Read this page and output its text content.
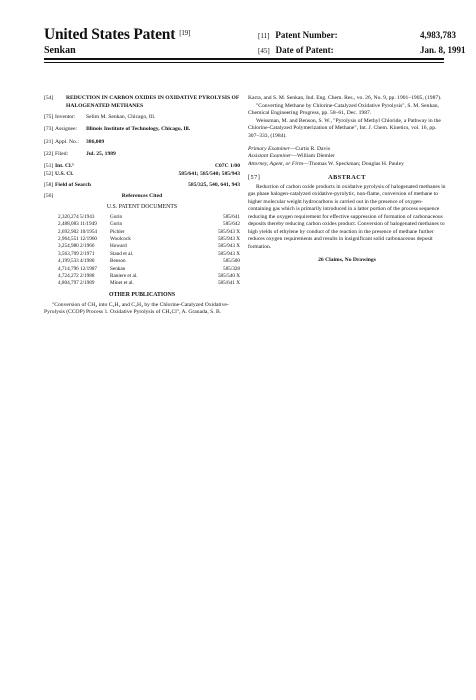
United States Patent [19]
Senkan
[11] Patent Number:	4,983,783
[45] Date of Patent:	Jan. 8, 1991
[54] REDUCTION IN CARBON OXIDES IN OXIDATIVE PYROLYSIS OF HALOGENATED METHANES
[75] Inventor:	Selim M. Senkan, Chicago, Ill.
[73] Assignee:	Illinois Institute of Technology, Chicago, Ill.
[21] Appl. No.:	386,009
[22] Filed:	Jul. 25, 1989
[51] Int. Cl.⁵	C07C 1/00
[52] U.S. Cl.	585/641; 585/540; 585/943
[58] Field of Search	585/325, 540, 641, 943
[56]	References Cited
U.S. PATENT DOCUMENTS
2,320,274	5/1943	Gorin	585/641
2,488,083	11/1949	Gorin	585/642
2,692,902	10/1954	Pichler	585/943 X
2,964,551	12/1960	Woolcock	585/943 X
3,254,980	2/1966	Howard	585/943 X
3,563,709	2/1971	Staud et al.	585/943 X
4,199,533	4/1980	Benson	585/500
4,714,796	12/1987	Senkan	585/328
4,724,272	2/1988	Raniere et al.	585/540 X
4,804,797	2/1989	Minet et al.	585/641 X
OTHER PUBLICATIONS
"Conversion of CH₄ into C₂H₂ and C₂H₄ by the Chlorine-Catalyzed Oxidative-Pyrolysis (CCOP) Process 1. Oxidative Pyrolysis of CH₃Cl", A. Granada, S. B.
Karra, and S. M. Senkan, Ind. Eng. Chem. Res., vo. 26, No. 9, pp. 1901–1905, (1987).
"Converting Methane by Chlorine-Catalyzed Oxidative Pyrolysis", S. M. Senkan, Chemical Engineering Progress, pp. 58–61, Dec. 1987.
Weissman, M. and Benson, S. W., "Pyrolysis of Methyl Chloride, a Pathway in the Chlorine-Catalyzed Polymerization of Methane", Int. J. Chem. Kinetics, vol. 16, pp. 307–333, (1984).
Primary Examiner—Curtis R. Davis
Assistant Examiner—William Diemler
Attorney, Agent, or Firm—Thomas W. Speckman; Douglas H. Pauley
[57]	ABSTRACT
Reduction of carbon oxide products in oxidative pyrolysis of halogenated methanes in gas phase halogen-catalyzed oxidative-pyrolytic, non-flame, conversion of methane to higher molecular weight hydrocarbons is carried out in the presence of oxygen-containing gas which is primarily introduced in a latter portion of the process sequence reducing the oxygen requirement for effective suppression of formation of carbonaceous deposits thereby reducing carbon oxides product. Conversion of halogenated methanes to high yields of ethylene by conduct of the reaction in the presence of methane further reduces oxygen requirements and results in insignificant solid carbonaceous deposit formation.
26 Claims, No Drawings
